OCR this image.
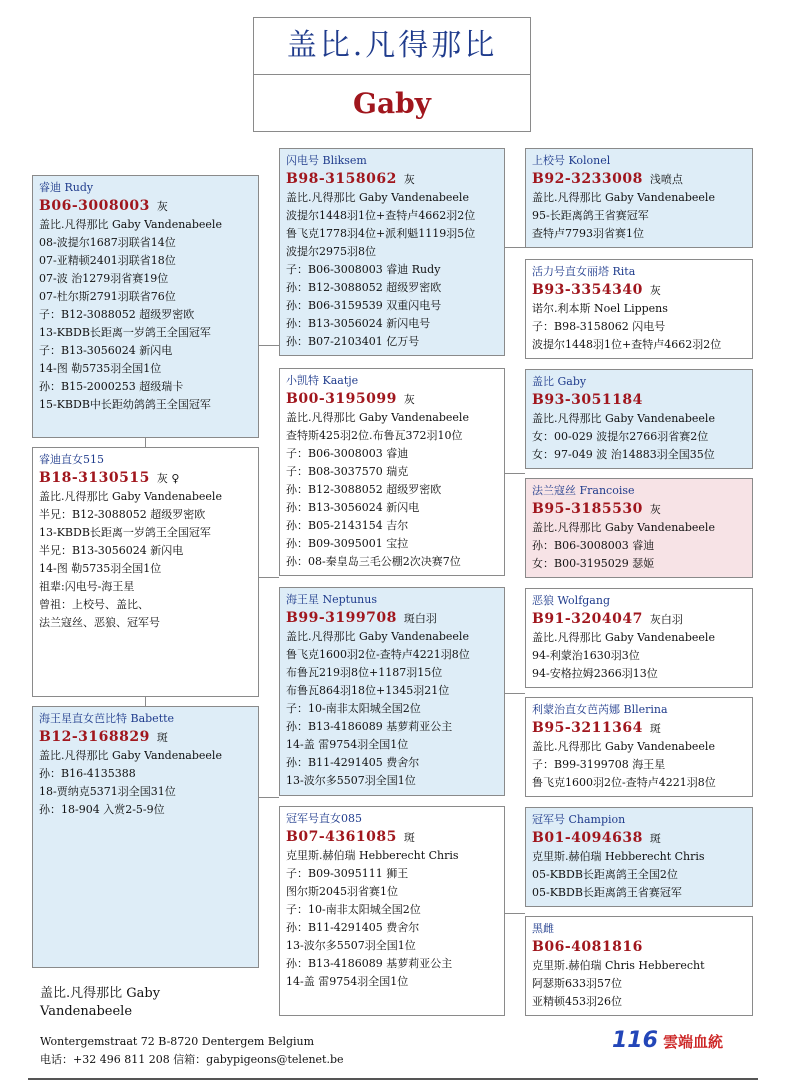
盖比.凡得那比
Gaby
睿迪 Rudy
B06-3008003 灰
盖比.凡得那比 Gaby Vandenabeele
08-波提尔1687羽联省14位
07-亚精顿2401羽联省18位
07-波 治1279羽省赛19位
07-杜尔斯2791羽联省76位
子：B12-3088052 超级罗密欧
13-KBDB长距离一岁鸽王全国冠军
子：B13-3056024 新闪电
14-图 勒5735羽全国1位
孙：B15-2000253 超级瑞卡
15-KBDB中长距幼鸽鸽王全国冠军
睿迪直女515
B18-3130515 灰 ♀
盖比.凡得那比 Gaby Vandenabeele
半兄：B12-3088052 超级罗密欧
13-KBDB长距离一岁鸽王全国冠军
半兄：B13-3056024 新闪电
14-图 勒5735羽全国1位
祖辈:闪电号-海王星
曾祖：上校号、盖比、
法兰寇丝、恶狼、冠军号
海王星直女芭比特 Babette
B12-3168829 斑
盖比.凡得那比 Gaby Vandenabeele
孙：B16-4135388
18-贾纳克5371羽全国31位
孙：18-904 入赏2-5-9位
闪电号 Bliksem
B98-3158062 灰
盖比.凡得那比 Gaby Vandenabeele
波提尔1448羽1位+查特卢4662羽2位
鲁飞克1778羽4位+派利魁1119羽5位
波提尔2975羽8位
子：B06-3008003 睿迪 Rudy
孙：B12-3088052 超级罗密欧
孙：B06-3159539 双重闪电号
孙：B13-3056024 新闪电号
孙：B07-2103401 亿万号
小凯特 Kaatje
B00-3195099 灰
盖比.凡得那比 Gaby Vandenabeele
查特斯425羽2位.布鲁瓦372羽10位
子：B06-3008003 睿迪
子：B08-3037570 瑞克
孙：B12-3088052 超级罗密欧
孙：B13-3056024 新闪电
孙：B05-2143154 吉尔
孙：B09-3095001 宝拉
孙：08-秦皇岛三毛公棚2次决赛7位
海王星 Neptunus
B99-3199708 斑白羽
盖比.凡得那比 Gaby Vandenabeele
鲁飞克1600羽2位-查特卢4221羽8位
布鲁瓦219羽8位+1187羽15位
布鲁瓦864羽18位+1345羽21位
子：10-南非太阳城全国2位
孙：B13-4186089 基萝莉亚公主
14-盖 雷9754羽全国1位
孙：B11-4291405 费舍尔
13-波尔多5507羽全国1位
冠军号直女085
B07-4361085 斑
克里斯.赫伯瑞 Hebberecht Chris
子：B09-3095111 狮王
图尔斯2045羽省赛1位
子：10-南非太阳城全国2位
孙：B11-4291405 费舍尔
13-波尔多5507羽全国1位
孙：B13-4186089 基萝莉亚公主
14-盖 雷9754羽全国1位
上校号 Kolonel
B92-3233008 浅喷点
盖比.凡得那比 Gaby Vandenabeele
95-长距离鸽王省赛冠军
查特卢7793羽省赛1位
活力号直女丽塔 Rita
B93-3354340 灰
诺尔.利本斯 Noel Lippens
子：B98-3158062 闪电号
波提尔1448羽1位+查特卢4662羽2位
盖比 Gaby
B93-3051184
盖比.凡得那比 Gaby Vandenabeele
女：00-029 波提尔2766羽省赛2位
女：97-049 波 治14883羽全国35位
法兰寇丝 Francoise
B95-3185530 灰
盖比.凡得那比 Gaby Vandenabeele
孙：B06-3008003 睿迪
女：B00-3195029 瑟姬
恶狼 Wolfgang
B91-3204047 灰白羽
盖比.凡得那比 Gaby Vandenabeele
94-利蒙治1630羽3位
94-安格拉姆2366羽13位
利蒙治直女芭芮娜 Bllerina
B95-3211364 斑
盖比.凡得那比 Gaby Vandenabeele
子：B99-3199708 海王星
鲁飞克1600羽2位-查特卢4221羽8位
冠军号 Champion
B01-4094638 斑
克里斯.赫伯瑞 Hebberecht Chris
05-KBDB长距离鸽王全国2位
05-KBDB长距离鸽王省赛冠军
黑雌
B06-4081816
克里斯.赫伯瑞 Chris Hebberecht
阿瑟斯633羽57位
亚精顿453羽26位
盖比.凡得那比 Gaby
Vandenabeele
Wontergemstraat 72 B-8720 Dentergem Belgium
电话：+32 496 811 208 信箱：gabypigeons@telenet.be
116 雲端血統
